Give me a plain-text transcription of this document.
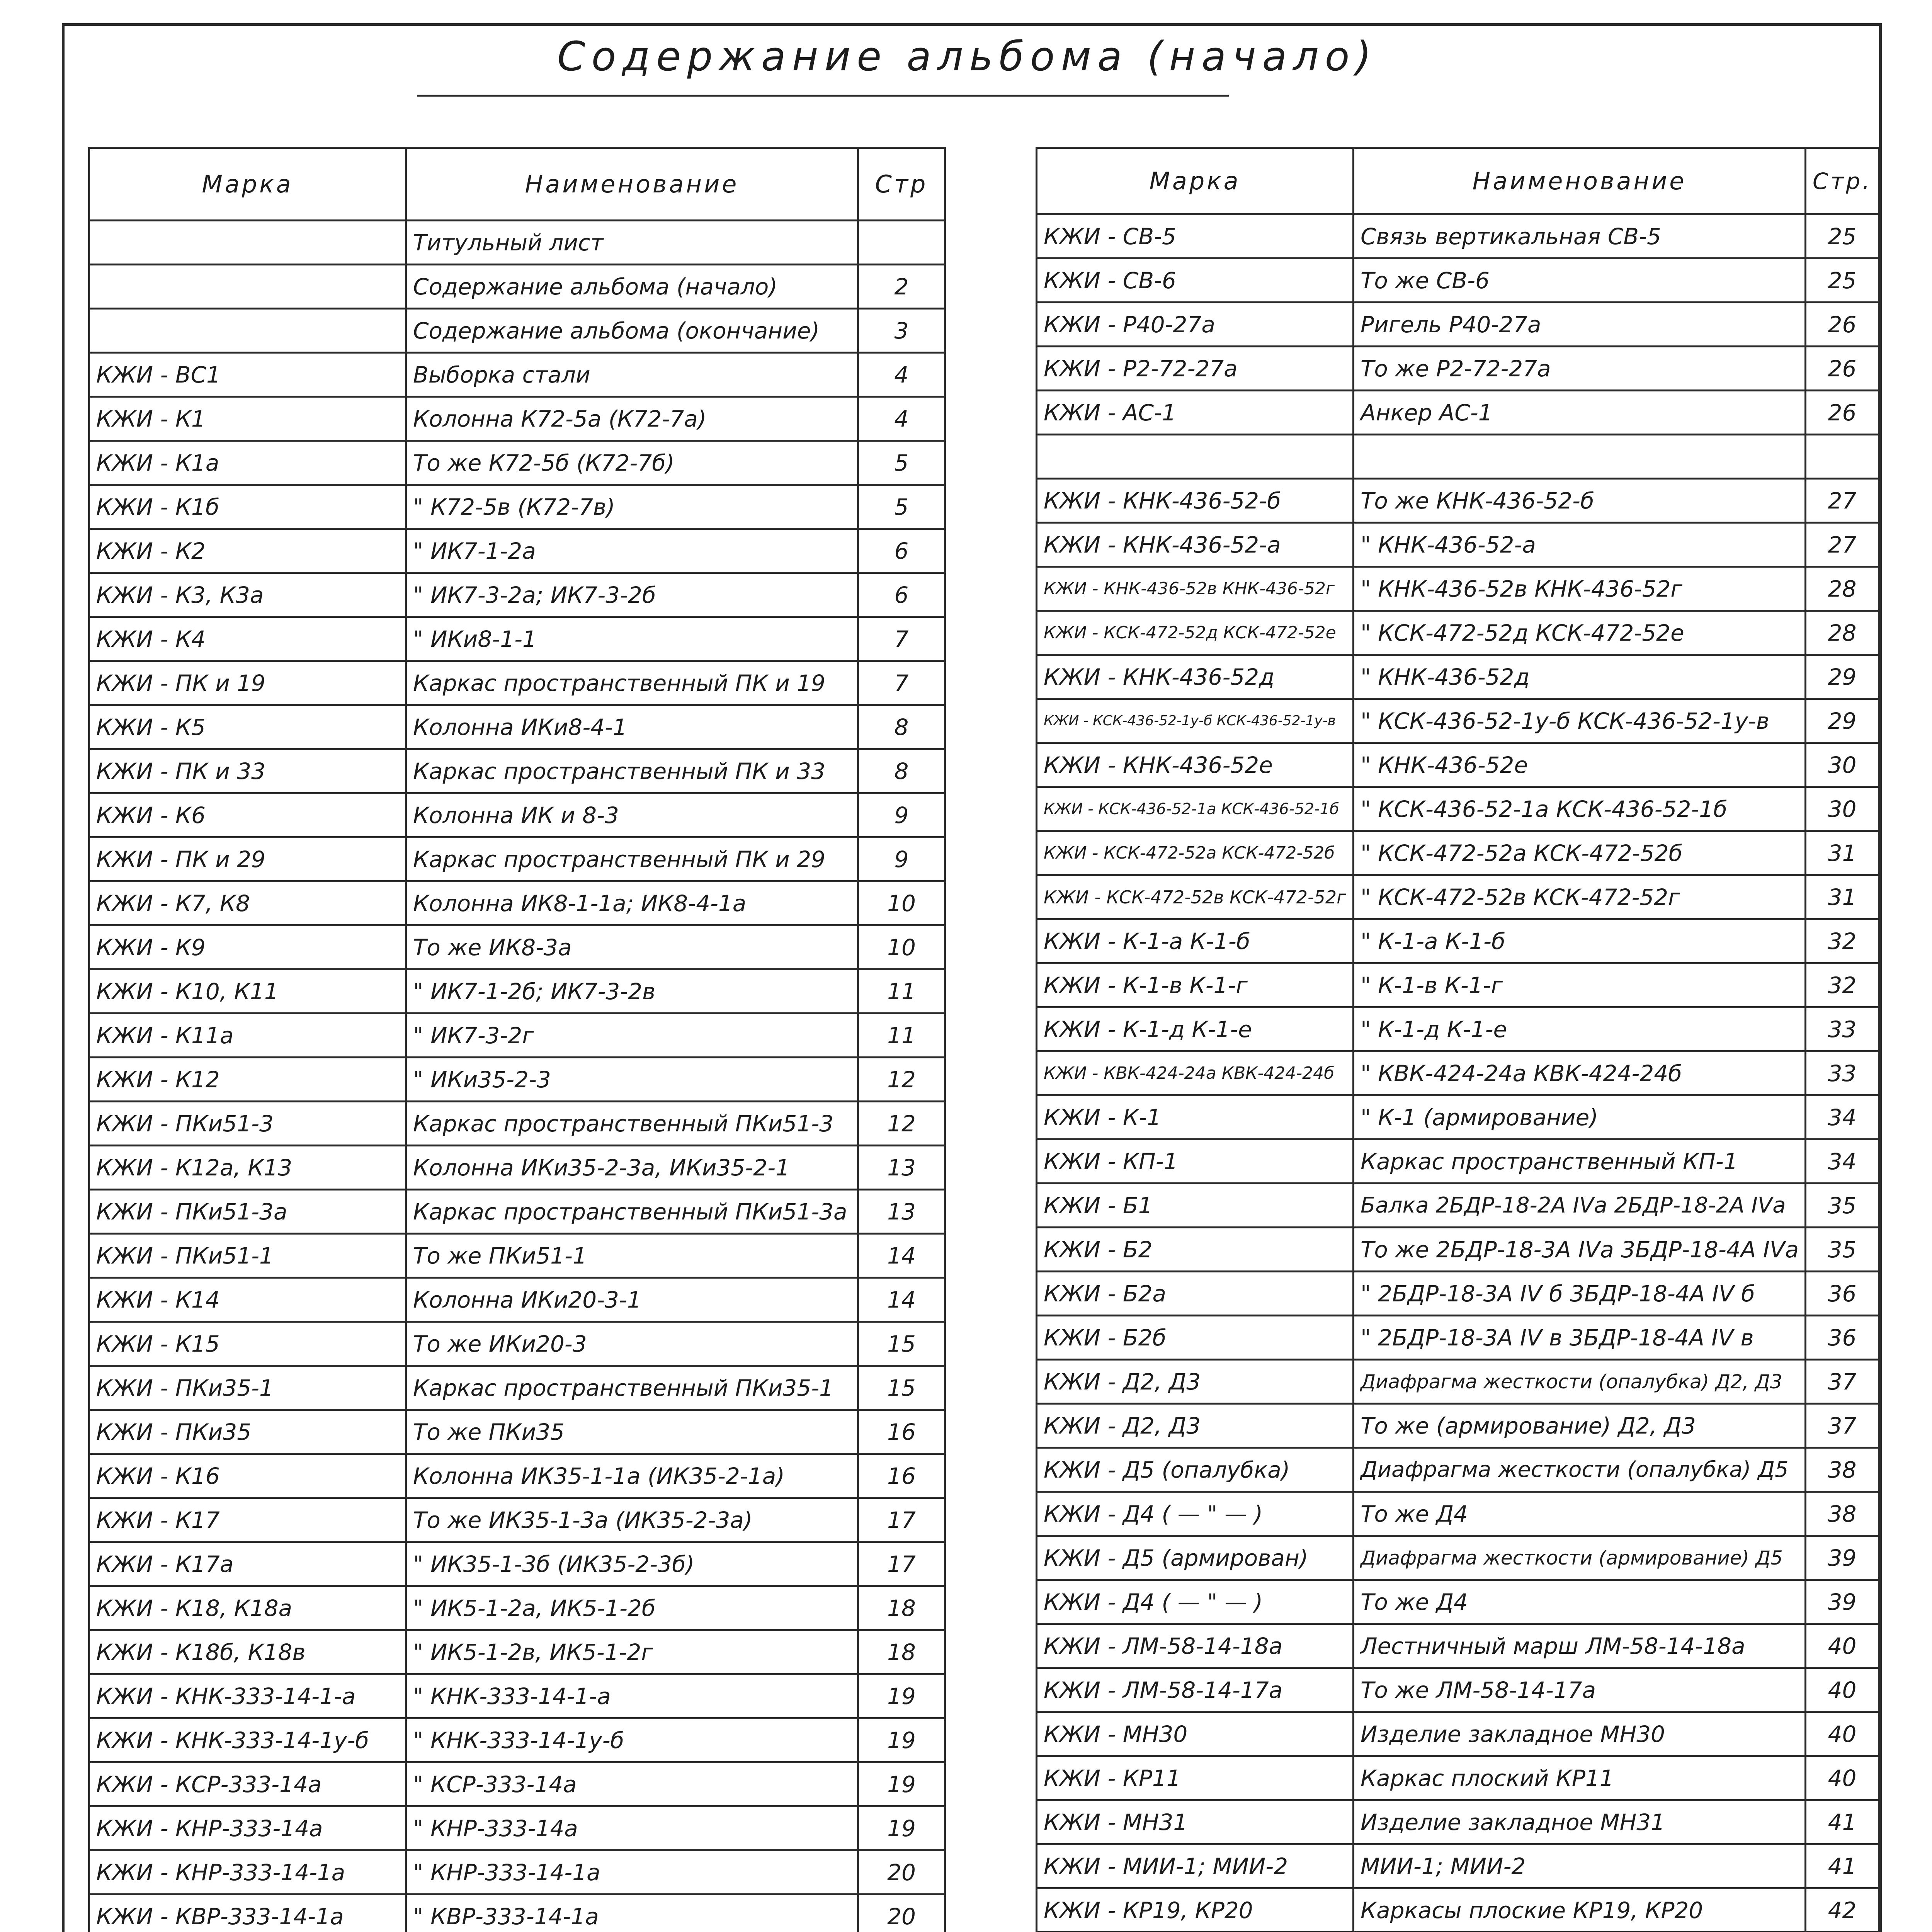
Содержание альбома (начало)
Марка	Наименование	Стр
	Титульный лист	
	Содержание альбома (начало)	2
	Содержание альбома (окончание)	3
КЖИ - ВС1	Выборка стали	4
КЖИ - К1	Колонна К72-5а (К72-7а)	4
КЖИ - К1а	То же К72-5б (К72-7б)	5
КЖИ - К1б	" К72-5в (К72-7в)	5
КЖИ - К2	" ИК7-1-2а	6
КЖИ - К3, К3а	" ИК7-3-2а; ИК7-3-2б	6
КЖИ - К4	" ИКи8-1-1	7
КЖИ - ПК и 19	Каркас пространственный ПК и 19	7
КЖИ - К5	Колонна ИКи8-4-1	8
КЖИ - ПК и 33	Каркас пространственный ПК и 33	8
КЖИ - К6	Колонна ИК и 8-3	9
КЖИ - ПК и 29	Каркас пространственный ПК и 29	9
КЖИ - К7, К8	Колонна ИК8-1-1а; ИК8-4-1а	10
КЖИ - К9	То же ИК8-3а	10
КЖИ - К10, К11	" ИК7-1-2б; ИК7-3-2в	11
КЖИ - К11а	" ИК7-3-2г	11
КЖИ - К12	" ИКи35-2-3	12
КЖИ - ПКи51-3	Каркас пространственный ПКи51-3	12
КЖИ - К12а, К13	Колонна ИКи35-2-3а, ИКи35-2-1	13
КЖИ - ПКи51-3а	Каркас пространственный ПКи51-3а	13
КЖИ - ПКи51-1	То же ПКи51-1	14
КЖИ - К14	Колонна ИКи20-3-1	14
КЖИ - К15	То же ИКи20-3	15
КЖИ - ПКи35-1	Каркас пространственный ПКи35-1	15
КЖИ - ПКи35	То же ПКи35	16
КЖИ - К16	Колонна ИК35-1-1а (ИК35-2-1а)	16
КЖИ - К17	То же ИК35-1-3а (ИК35-2-3а)	17
КЖИ - К17а	" ИК35-1-3б (ИК35-2-3б)	17
КЖИ - К18, К18а	" ИК5-1-2а, ИК5-1-2б	18
КЖИ - К18б, К18в	" ИК5-1-2в, ИК5-1-2г	18
КЖИ - КНК-333-14-1-а	" КНК-333-14-1-а	19
КЖИ - КНК-333-14-1у-б	" КНК-333-14-1у-б	19
КЖИ - КСР-333-14а	" КСР-333-14а	19
КЖИ - КНР-333-14а	" КНР-333-14а	19
КЖИ - КНР-333-14-1а	" КНР-333-14-1а	20
КЖИ - КВР-333-14-1а	" КВР-333-14-1а	20

Марка	Наименование	Стр.
КЖИ - СВ-5	Связь вертикальная СВ-5	25
КЖИ - СВ-6	То же СВ-6	25
КЖИ - Р40-27а	Ригель Р40-27а	26
КЖИ - Р2-72-27а	То же Р2-72-27а	26
КЖИ - АС-1	Анкер АС-1	26

КЖИ - КНК-436-52-б	То же КНК-436-52-б	27
КЖИ - КНК-436-52-а	" КНК-436-52-а	27
КЖИ - КНК-436-52в КНК-436-52г	" КНК-436-52в КНК-436-52г	28
КЖИ - КСК-472-52д КСК-472-52е	" КСК-472-52д КСК-472-52е	28
КЖИ - КНК-436-52д	" КНК-436-52д	29
КЖИ - КСК-436-52-1у-б КСК-436-52-1у-в	" КСК-436-52-1у-б КСК-436-52-1у-в	29
КЖИ - КНК-436-52е	" КНК-436-52е	30
КЖИ - КСК-436-52-1а КСК-436-52-1б	" КСК-436-52-1а КСК-436-52-1б	30
КЖИ - КСК-472-52а КСК-472-52б	" КСК-472-52а КСК-472-52б	31
КЖИ - КСК-472-52в КСК-472-52г	" КСК-472-52в КСК-472-52г	31
КЖИ - К-1-а К-1-б	" К-1-а К-1-б	32
КЖИ - К-1-в К-1-г	" К-1-в К-1-г	32
КЖИ - К-1-д К-1-е	" К-1-д К-1-е	33
КЖИ - КВК-424-24а КВК-424-24б	" КВК-424-24а КВК-424-24б	33
КЖИ - К-1	" К-1 (армирование)	34
КЖИ - КП-1	Каркас пространственный КП-1	34
КЖИ - Б1	Балка 2БДР-18-2А IVа 2БДР-18-2А IVа	35
КЖИ - Б2	То же 2БДР-18-3А IVа 3БДР-18-4А IVа	35
КЖИ - Б2а	" 2БДР-18-3А IV б 3БДР-18-4А IV б	36
КЖИ - Б2б	" 2БДР-18-3А IV в 3БДР-18-4А IV в	36
КЖИ - Д2, Д3	Диафрагма жесткости (опалубка) Д2, Д3	37
КЖИ - Д2, Д3	То же (армирование) Д2, Д3	37
КЖИ - Д5 (опалубка)	Диафрагма жесткости (опалубка) Д5	38
КЖИ - Д4 ( — " — )	То же Д4	38
КЖИ - Д5 (армирован)	Диафрагма жесткости (армирование) Д5	39
КЖИ - Д4 ( — " — )	То же Д4	39
КЖИ - ЛМ-58-14-18а	Лестничный марш ЛМ-58-14-18а	40
КЖИ - ЛМ-58-14-17а	То же ЛМ-58-14-17а	40
КЖИ - МН30	Изделие закладное МН30	40
КЖИ - КР11	Каркас плоский КР11	40
КЖИ - МН31	Изделие закладное МН31	41
КЖИ - МИИ-1; МИИ-2	МИИ-1; МИИ-2	41
КЖИ - КР19, КР20	Каркасы плоские КР19, КР20	42
